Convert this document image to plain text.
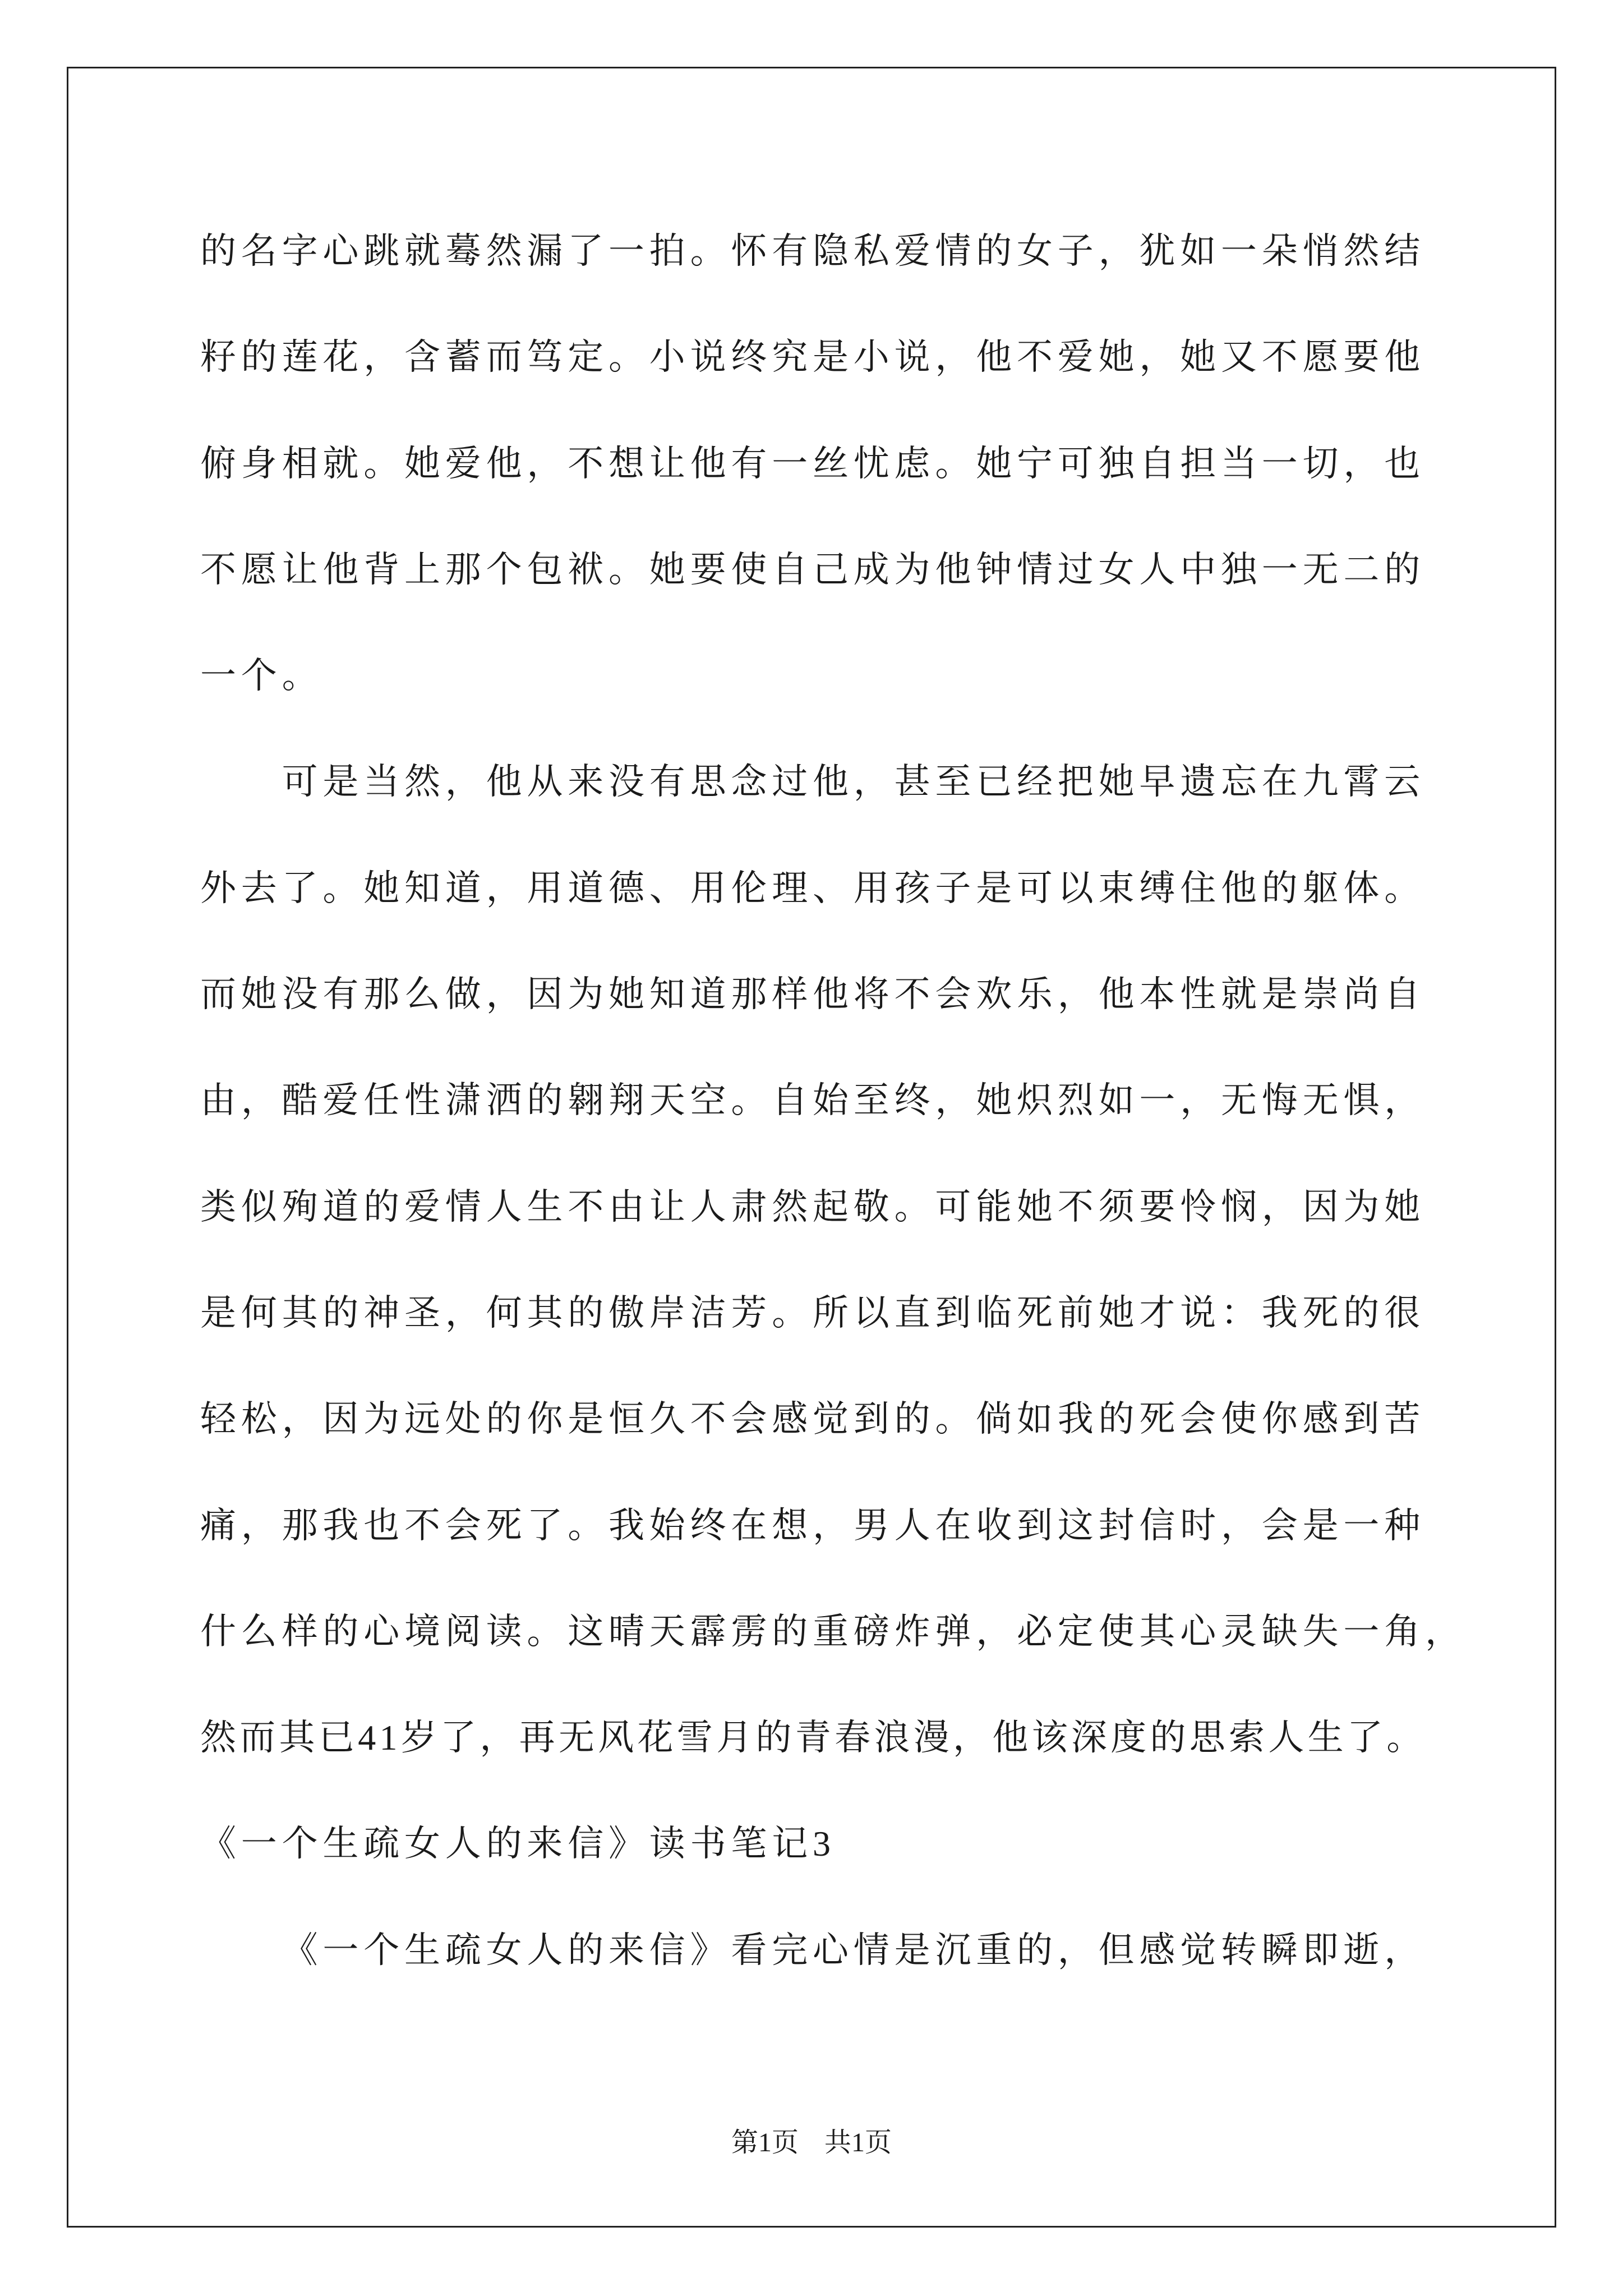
的名字心跳就蓦然漏了一拍。怀有隐私爱情的女子，犹如一朵悄然结
籽的莲花，含蓄而笃定。小说终究是小说，他不爱她，她又不愿要他
俯身相就。她爱他，不想让他有一丝忧虑。她宁可独自担当一切，也
不愿让他背上那个包袱。她要使自己成为他钟情过女人中独一无二的
一个。
可是当然，他从来没有思念过他，甚至已经把她早遗忘在九霄云
外去了。她知道，用道德、用伦理、用孩子是可以束缚住他的躯体。
而她没有那么做，因为她知道那样他将不会欢乐，他本性就是崇尚自
由，酷爱任性潇洒的翱翔天空。自始至终，她炽烈如一，无悔无惧，
类似殉道的爱情人生不由让人肃然起敬。可能她不须要怜悯，因为她
是何其的神圣，何其的傲岸洁芳。所以直到临死前她才说：我死的很
轻松，因为远处的你是恒久不会感觉到的。倘如我的死会使你感到苦
痛，那我也不会死了。我始终在想，男人在收到这封信时，会是一种
什么样的心境阅读。这晴天霹雳的重磅炸弹，必定使其心灵缺失一角，
然而其已41岁了，再无风花雪月的青春浪漫，他该深度的思索人生了。
《一个生疏女人的来信》读书笔记3
《一个生疏女人的来信》看完心情是沉重的，但感觉转瞬即逝，
第1页 共1页
